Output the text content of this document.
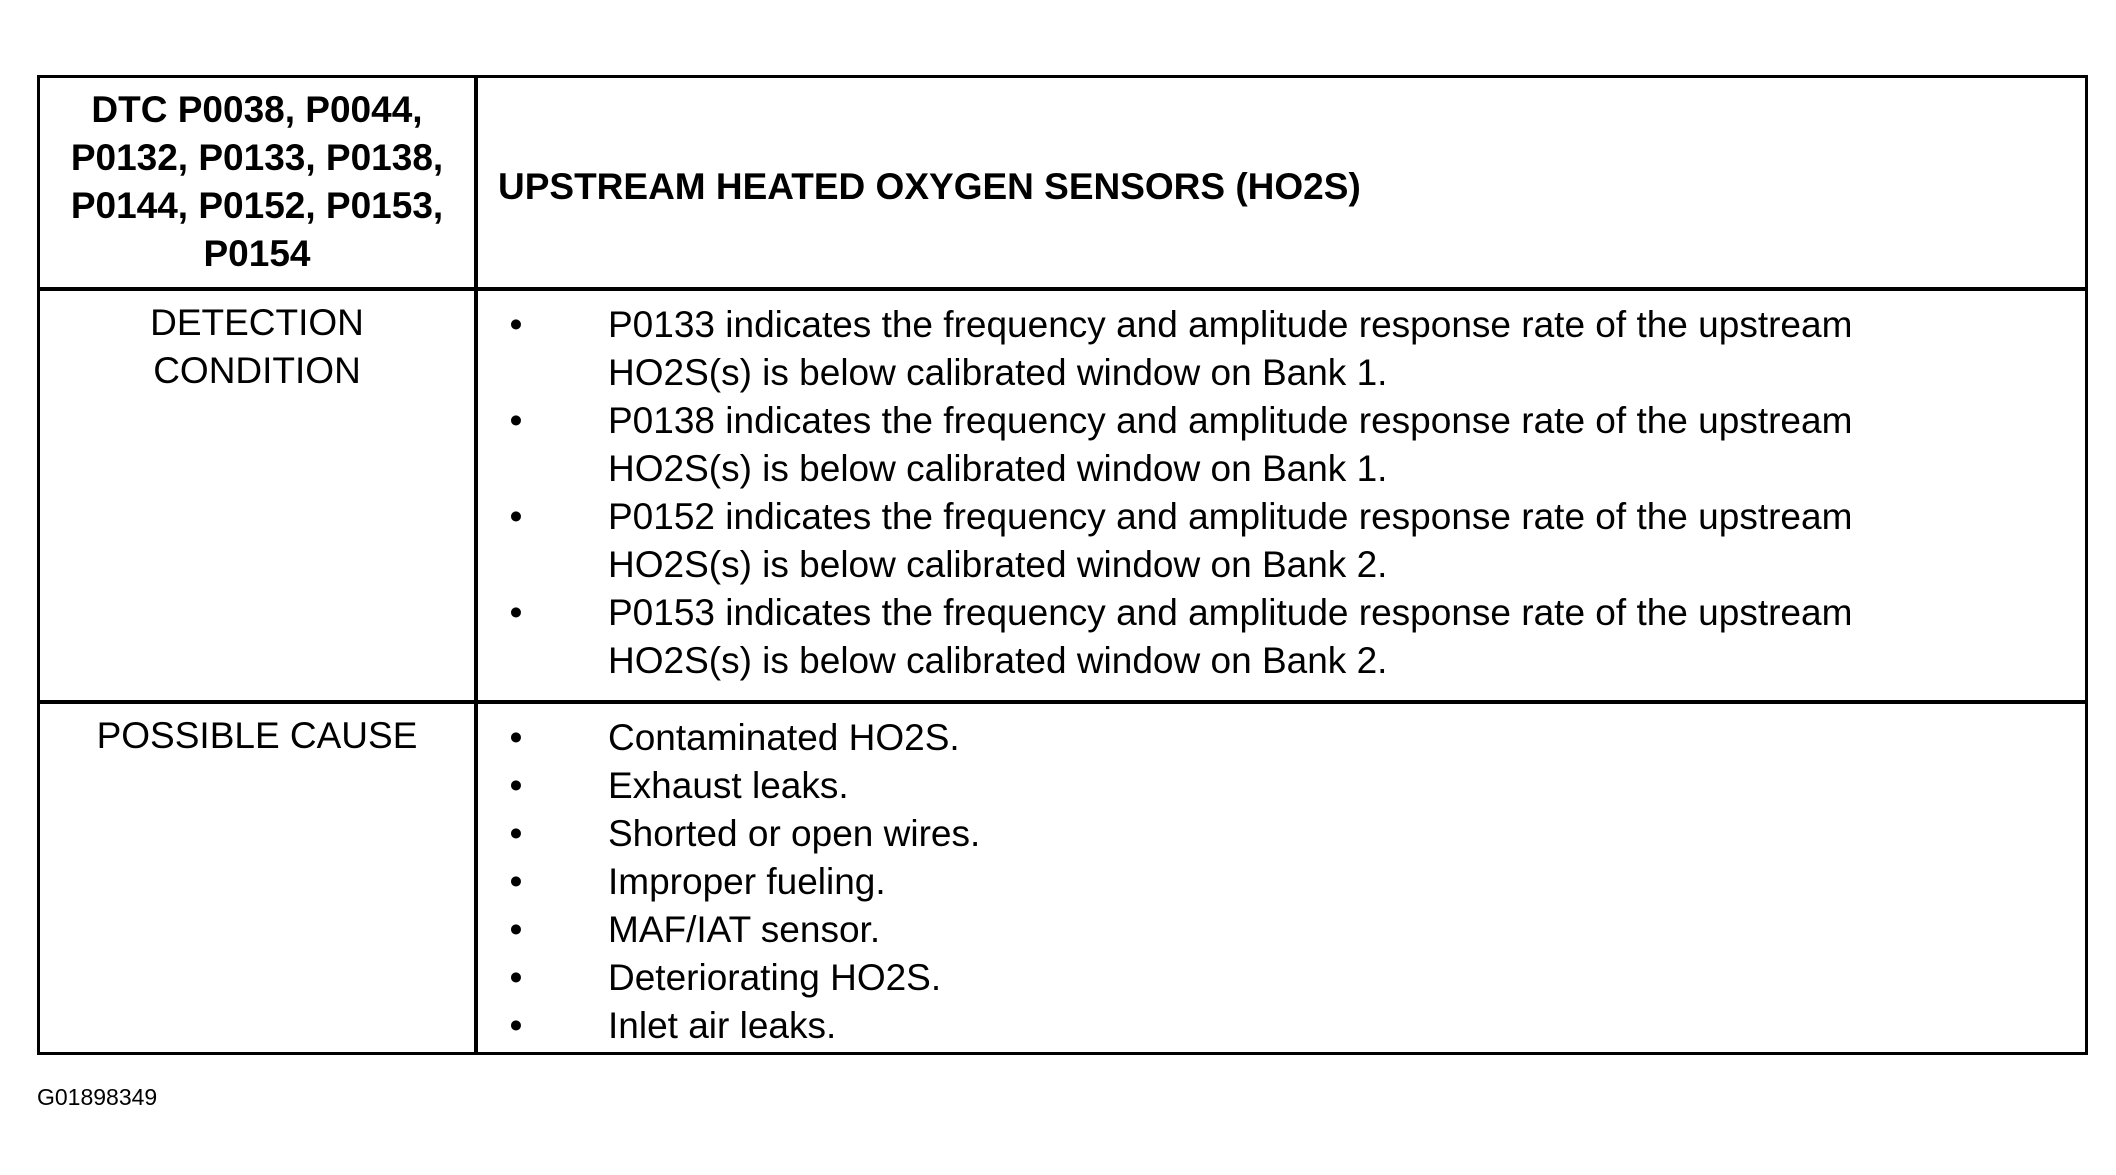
DTC P0038, P0044,
P0132, P0133, P0138,
P0144, P0152, P0153,
P0154
UPSTREAM HEATED OXYGEN SENSORS (HO2S)
DETECTION
CONDITION
• P0133 indicates the frequency and amplitude response rate of the upstream
HO2S(s) is below calibrated window on Bank 1.
• P0138 indicates the frequency and amplitude response rate of the upstream
HO2S(s) is below calibrated window on Bank 1.
• P0152 indicates the frequency and amplitude response rate of the upstream
HO2S(s) is below calibrated window on Bank 2.
• P0153 indicates the frequency and amplitude response rate of the upstream
HO2S(s) is below calibrated window on Bank 2.
POSSIBLE CAUSE	• Contaminated HO2S.
• Exhaust leaks.
• Shorted or open wires.
• Improper fueling.
• MAF/IAT sensor.
• Deteriorating HO2S.
• Inlet air leaks.
G01898349
